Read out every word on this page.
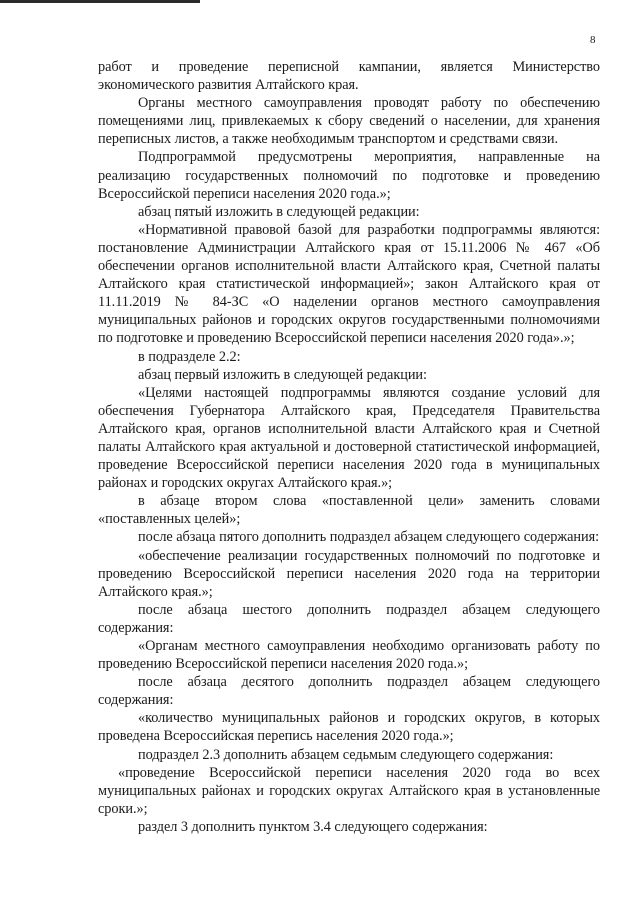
8

работ и проведение переписной кампании, является Министерство экономического развития Алтайского края.

Органы местного самоуправления проводят работу по обеспечению помещениями лиц, привлекаемых к сбору сведений о населении, для хранения переписных листов, а также необходимым транспортом и средствами связи.

Подпрограммой предусмотрены мероприятия, направленные на реализацию государственных полномочий по подготовке и проведению Всероссийской переписи населения 2020 года.»;

абзац пятый изложить в следующей редакции:

«Нормативной правовой базой для разработки подпрограммы являются: постановление Администрации Алтайского края от 15.11.2006 № 467 «Об обеспечении органов исполнительной власти Алтайского края, Счетной палаты Алтайского края статистической информацией»; закон Алтайского края от 11.11.2019 № 84-ЗС «О наделении органов местного самоуправления муниципальных районов и городских округов государственными полномочиями по подготовке и проведению Всероссийской переписи населения 2020 года».»;

в подразделе 2.2:

абзац первый изложить в следующей редакции:

«Целями настоящей подпрограммы являются создание условий для обеспечения Губернатора Алтайского края, Председателя Правительства Алтайского края, органов исполнительной власти Алтайского края и Счетной палаты Алтайского края актуальной и достоверной статистической информацией, проведение Всероссийской переписи населения 2020 года в муниципальных районах и городских округах Алтайского края.»;

в абзаце втором слова «поставленной цели» заменить словами «поставленных целей»;

после абзаца пятого дополнить подраздел абзацем следующего содержания:

«обеспечение реализации государственных полномочий по подготовке и проведению Всероссийской переписи населения 2020 года на территории Алтайского края.»;

после абзаца шестого дополнить подраздел абзацем следующего содержания:

«Органам местного самоуправления необходимо организовать работу по проведению Всероссийской переписи населения 2020 года.»;

после абзаца десятого дополнить подраздел абзацем следующего содержания:

«количество муниципальных районов и городских округов, в которых проведена Всероссийская перепись населения 2020 года.»;

подраздел 2.3 дополнить абзацем седьмым следующего содержания:

«проведение Всероссийской переписи населения 2020 года во всех муниципальных районах и городских округах Алтайского края в установленные сроки.»;

раздел 3 дополнить пунктом 3.4 следующего содержания:
